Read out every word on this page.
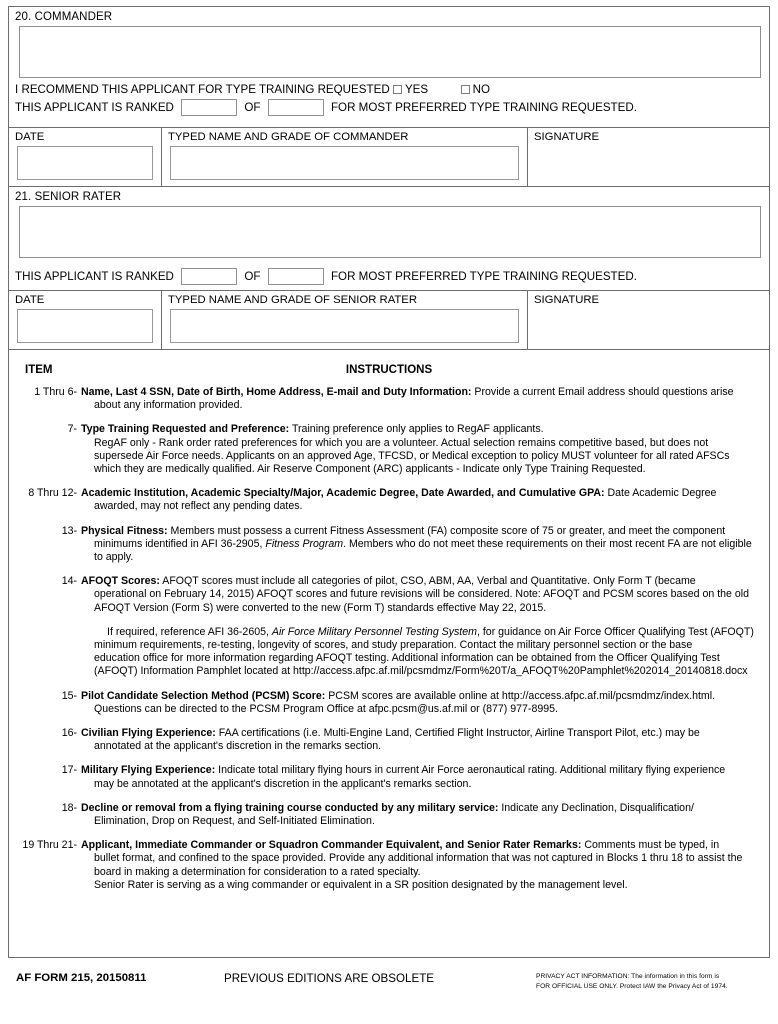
20. COMMANDER
I RECOMMEND THIS APPLICANT FOR TYPE TRAINING REQUESTED YES	NO
THIS APPLICANT IS RANKED	OF	FOR MOST PREFERRED TYPE TRAINING REQUESTED.
DATE	TYPED NAME AND GRADE OF COMMANDER	SIGNATURE
21. SENIOR RATER
THIS APPLICANT IS RANKED	OF	FOR MOST PREFERRED TYPE TRAINING REQUESTED.
DATE	TYPED NAME AND GRADE OF SENIOR RATER	SIGNATURE
ITEM	INSTRUCTIONS
1 Thru 6- Name, Last 4 SSN, Date of Birth, Home Address, E-mail and Duty Information: Provide a current Email address should questions arise

about any information provided.

7- Type Training Requested and Preference: Training preference only applies to RegAF applicants.

RegAF only - Rank order rated preferences for which you are a volunteer. Actual selection remains competitive based, but does not

supersede Air Force needs. Applicants on an approved Age, TFCSD, or Medical exception to policy MUST volunteer for all rated AFSCs

which they are medically qualified. Air Reserve Component (ARC) applicants - Indicate only Type Training Requested.

8 Thru 12- Academic Institution, Academic Specialty/Major, Academic Degree, Date Awarded, and Cumulative GPA: Date Academic Degree

awarded, may not reflect any pending dates.

13- Physical Fitness: Members must possess a current Fitness Assessment (FA) composite score of 75 or greater, and meet the component

minimums identified in AFI 36-2905, Fitness Program. Members who do not meet these requirements on their most recent FA are not eligible

to apply.

14- AFOQT Scores: AFOQT scores must include all categories of pilot, CSO, ABM, AA, Verbal and Quantitative. Only Form T (became

operational on February 14, 2015) AFOQT scores and future revisions will be considered. Note: AFOQT and PCSM scores based on the old

AFOQT Version (Form S) were converted to the new (Form T) standards effective May 22, 2015.

If required, reference AFI 36-2605, Air Force Military Personnel Testing System, for guidance on Air Force Officer Qualifying Test (AFOQT)

minimum requirements, re-testing, longevity of scores, and study preparation. Contact the military personnel section or the base

education office for more information regarding AFOQT testing. Additional information can be obtained from the Officer Qualifying Test

(AFOQT) Information Pamphlet located at http://access.afpc.af.mil/pcsmdmz/Form%20T/a_AFOQT%20Pamphlet%202014_20140818.docx

15- Pilot Candidate Selection Method (PCSM) Score: PCSM scores are available online at http://access.afpc.af.mil/pcsmdmz/index.html.

Questions can be directed to the PCSM Program Office at afpc.pcsm@us.af.mil or (877) 977-8995.

16- Civilian Flying Experience: FAA certifications (i.e. Multi-Engine Land, Certified Flight Instructor, Airline Transport Pilot, etc.) may be

annotated at the applicant's discretion in the remarks section.

17- Military Flying Experience: Indicate total military flying hours in current Air Force aeronautical rating. Additional military flying experience

may be annotated at the applicant's discretion in the applicant's remarks section.

18- Decline or removal from a flying training course conducted by any military service: Indicate any Declination, Disqualification/

Elimination, Drop on Request, and Self-Initiated Elimination.

19 Thru 21- Applicant, Immediate Commander or Squadron Commander Equivalent, and Senior Rater Remarks: Comments must be typed, in

bullet format, and confined to the space provided. Provide any additional information that was not captured in Blocks 1 thru 18 to assist the

board in making a determination for consideration to a rated specialty.

Senior Rater is serving as a wing commander or equivalent in a SR position designated by the management level.

AF FORM 215, 20150811	PREVIOUS EDITIONS ARE OBSOLETE	PRIVACY ACT INFORMATION: The information in this form is
FOR OFFICIAL USE ONLY. Protect IAW the Privacy Act of 1974.
